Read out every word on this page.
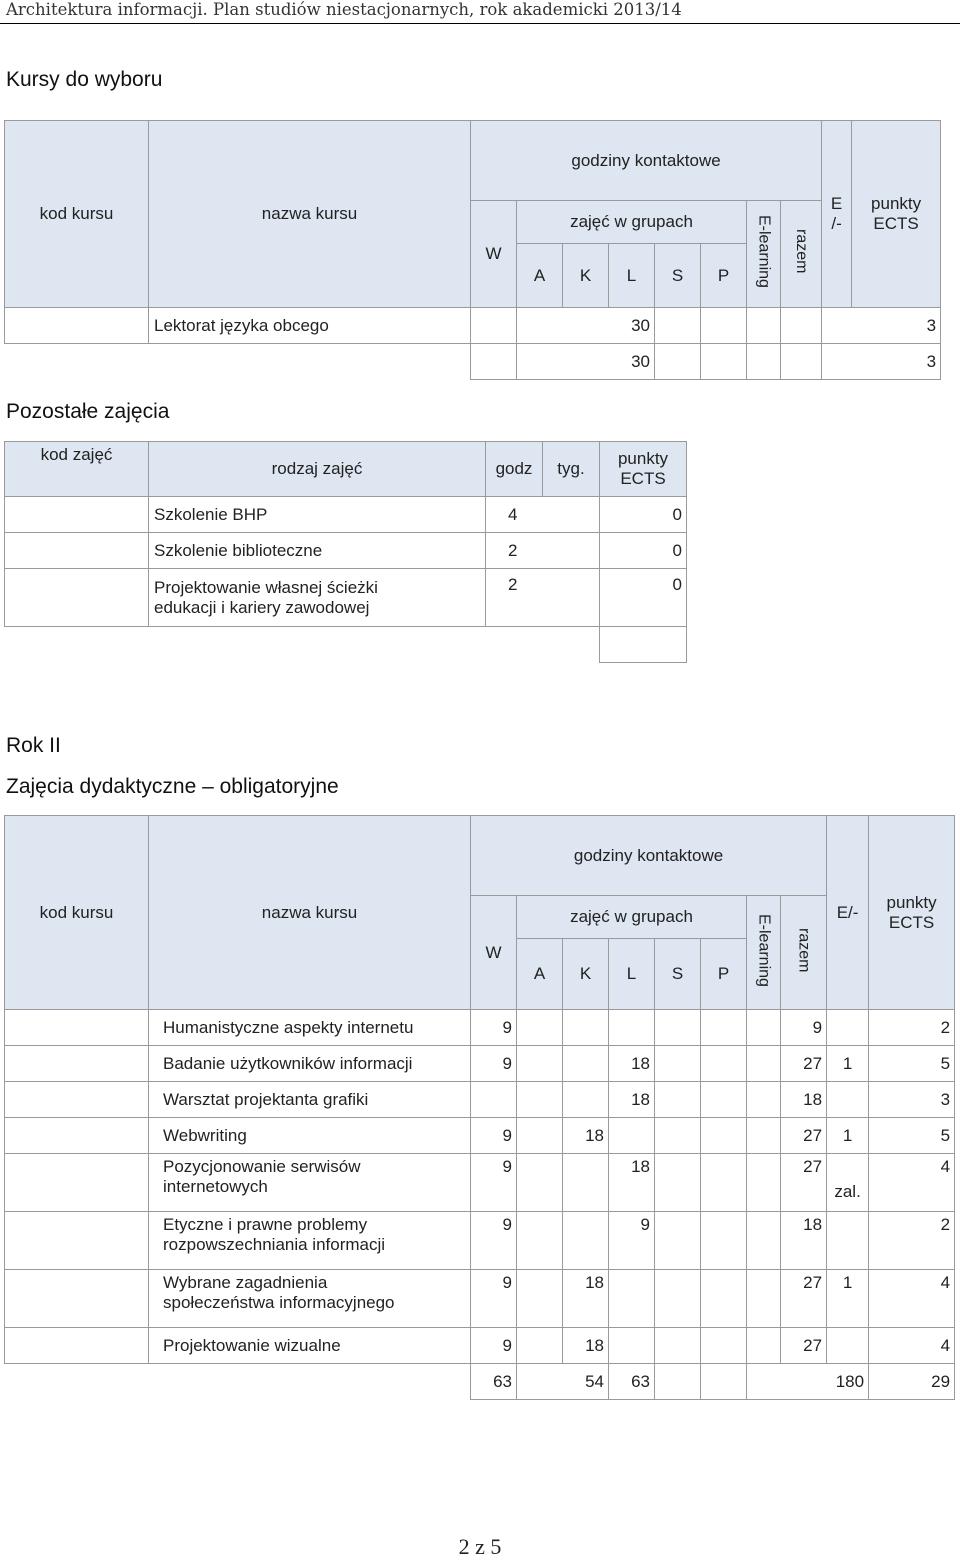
Architektura informacji. Plan studiów niestacjonarnych, rok akademicki 2013/14
Kursy do wyboru
kod kursu	nazwa kursu	godziny kontaktowe								E
/-	punkty
ECTS
		W	zajęć w grupach					E-learning	razem		
			A	K	L	S	P				
	Lektorat języka obcego		30							3	
			30							3	
Pozostałe zajęcia
kod zajęć	rodzaj zajęć	godz	tyg.	punkty
ECTS
	Szkolenie BHP	4		0
	Szkolenie biblioteczne	2		0
	Projektowanie własnej ścieżki
edukacji i kariery zawodowej	2		0

Rok II
Zajęcia dydaktyczne – obligatoryjne
kod kursu	nazwa kursu	godziny kontaktowe								E/-	punkty
ECTS
		W	zajęć w grupach					E-learning	razem		
			A	K	L	S	P				
	Humanistyczne aspekty internetu	9							9		2
	Badanie użytkowników informacji	9			18				27	1	5
	Warsztat projektanta grafiki				18				18		3
	Webwriting	9		18					27	1	5
	Pozycjonowanie serwisów
internetowych	9			18				27	zal.	4
	Etyczne i prawne problemy
rozpowszechniania informacji	9			9				18		2
	Wybrane zagadnienia
społeczeństwa informacyjnego	9		18					27	1	4
	Projektowanie wizualne	9		18					27		4
		63	54		63			180			29
2 z 5
